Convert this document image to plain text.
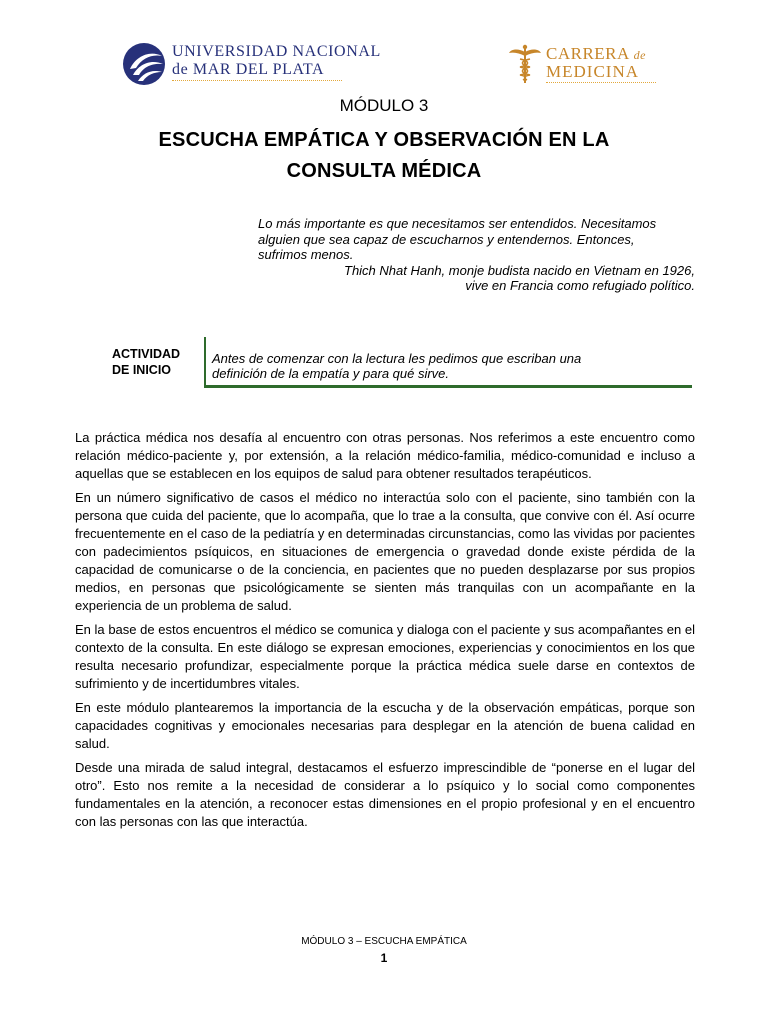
UNIVERSIDAD NACIONAL
de MAR DEL PLATA
CARRERA de
MEDICINA
MÓDULO 3
ESCUCHA EMPÁTICA Y OBSERVACIÓN EN LA
CONSULTA MÉDICA
Lo más importante es que necesitamos ser entendidos. Necesitamos
alguien que sea capaz de escucharnos y entendernos. Entonces,
sufrimos menos.
Thich Nhat Hanh, monje budista nacido en Vietnam en 1926,
vive en Francia como refugiado político.
ACTIVIDAD
DE INICIO
Antes de comenzar con la lectura les pedimos que escriban una
definición de la empatía y para qué sirve.

La práctica médica nos desafía al encuentro con otras personas. Nos referimos a este encuentro como relación médico-paciente y, por extensión, a la relación médico-familia, médico-comunidad e incluso a aquellas que se establecen en los equipos de salud para obtener resultados terapéuticos.

En un número significativo de casos el médico no interactúa solo con el paciente, sino también con la persona que cuida del paciente, que lo acompaña, que lo trae a la consulta, que convive con él. Así ocurre frecuentemente en el caso de la pediatría y en determinadas circunstancias, como las vividas por pacientes con padecimientos psíquicos, en situaciones de emergencia o gravedad donde existe pérdida de la capacidad de comunicarse o de la conciencia, en pacientes que no pueden desplazarse por sus propios medios, en personas que psicológicamente se sienten más tranquilas con un acompañante en la experiencia de un problema de salud.

En la base de estos encuentros el médico se comunica y dialoga con el paciente y sus acompañantes en el contexto de la consulta. En este diálogo se expresan emociones, experiencias y conocimientos en los que resulta necesario profundizar, especialmente porque la práctica médica suele darse en contextos de sufrimiento y de incertidumbres vitales.

En este módulo plantearemos la importancia de la escucha y de la observación empáticas, porque son capacidades cognitivas y emocionales necesarias para desplegar en la atención de buena calidad en salud.

Desde una mirada de salud integral, destacamos el esfuerzo imprescindible de “ponerse en el lugar del otro”. Esto nos remite a la necesidad de considerar a lo psíquico y lo social como componentes fundamentales en la atención, a reconocer estas dimensiones en el propio profesional y en el encuentro con las personas con las que interactúa.

MÓDULO 3 – ESCUCHA EMPÁTICA
1
